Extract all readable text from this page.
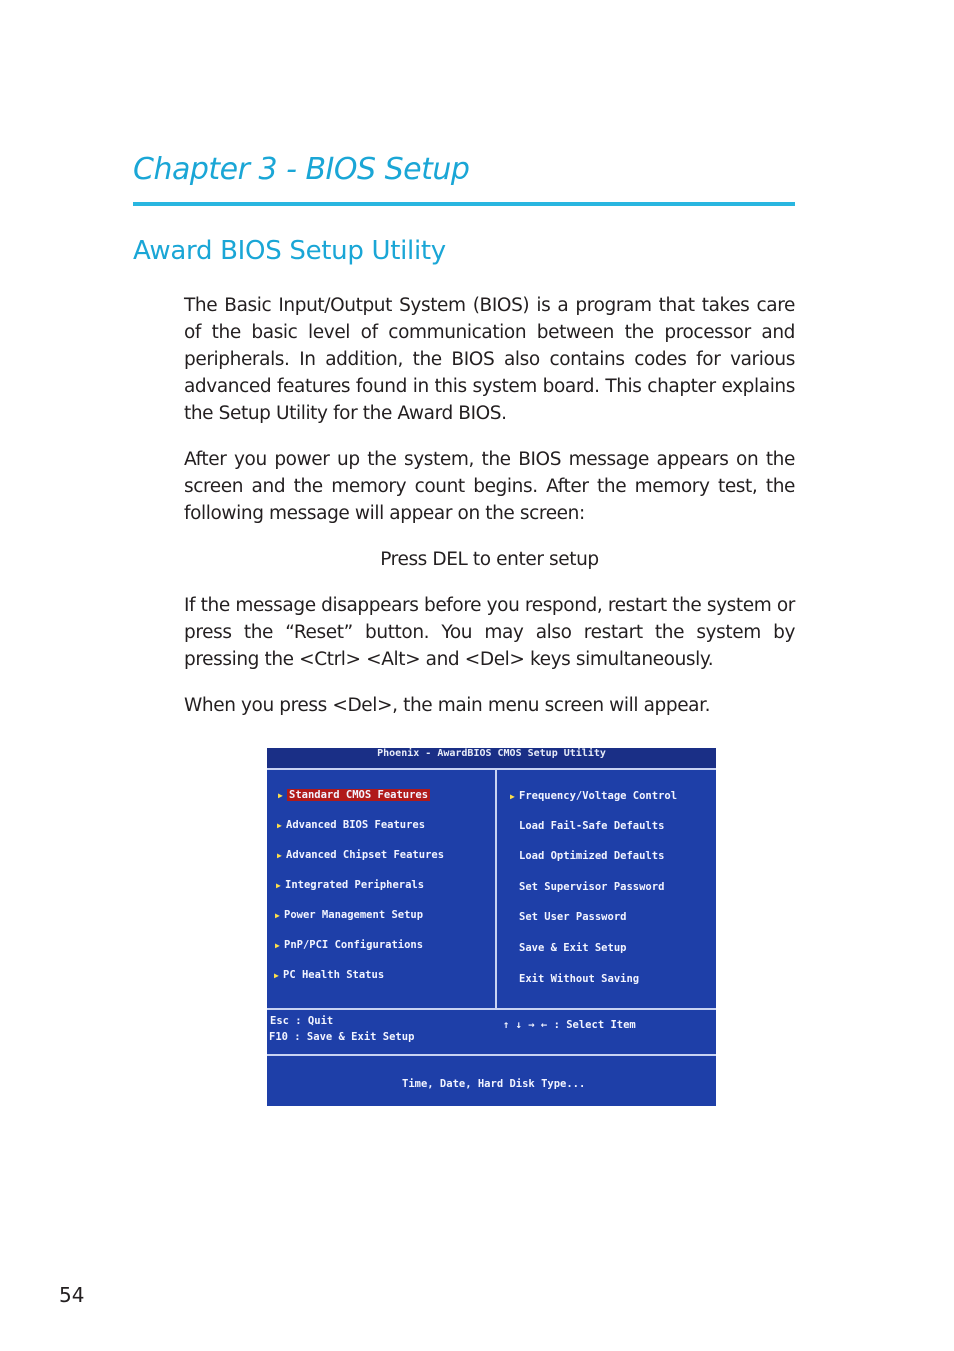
Chapter 3 - BIOS Setup
Award BIOS Setup Utility

The Basic Input/Output System (BIOS) is a program that takes care of the basic level of communication between the processor and peripherals. In addition, the BIOS also contains codes for various advanced features found in this system board. This chapter explains the Setup Utility for the Award BIOS.

After you power up the system, the BIOS message appears on the screen and the memory count begins. After the memory test, the following message will appear on the screen:

Press DEL to enter setup

If the message disappears before you respond, restart the system or press the “Reset” button. You may also restart the system by pressing the <Ctrl> <Alt> and <Del> keys simultaneously.

When you press <Del>, the main menu screen will appear.

Phoenix - AwardBIOS CMOS Setup Utility
▶ Standard CMOS Features
▶ Advanced BIOS Features
▶ Advanced Chipset Features
▶ Integrated Peripherals
▶ Power Management Setup
▶ PnP/PCI Configurations
▶ PC Health Status
▶ Frequency/Voltage Control
Load Fail-Safe Defaults
Load Optimized Defaults
Set Supervisor Password
Set User Password
Save & Exit Setup
Exit Without Saving
Esc : Quit
F10 : Save & Exit Setup
↑ ↓ → ← : Select Item
Time, Date, Hard Disk Type...

54
